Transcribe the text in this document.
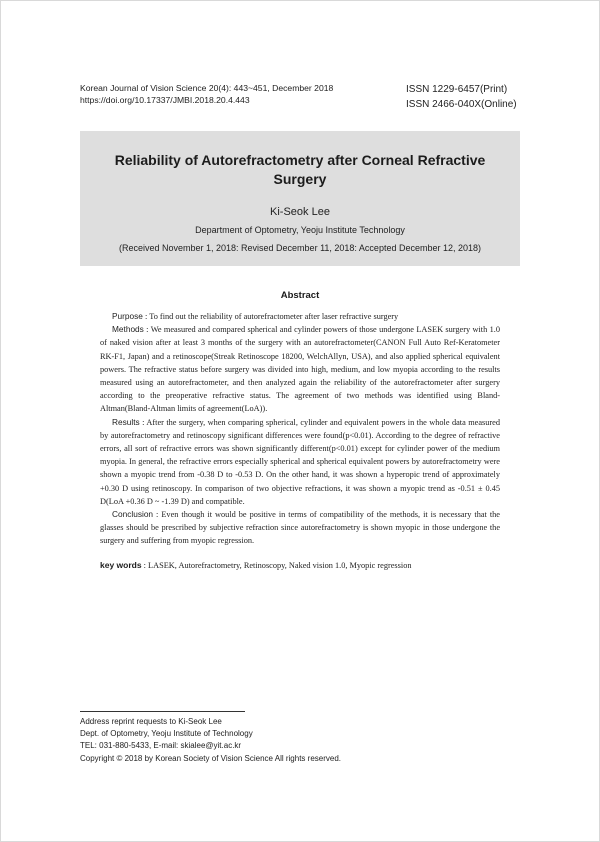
Korean Journal of Vision Science 20(4): 443~451, December 2018
https://doi.org/10.17337/JMBI.2018.20.4.443
ISSN 1229-6457(Print)
ISSN 2466-040X(Online)
Reliability of Autorefractometry after Corneal Refractive
Surgery
Ki-Seok Lee
Department of Optometry, Yeoju Institute Technology
(Received November 1, 2018: Revised December 11, 2018: Accepted December 12, 2018)
Abstract

Purpose : To find out the reliability of autorefractometer after laser refractive surgery

Methods : We measured and compared spherical and cylinder powers of those undergone LASEK surgery with 1.0 of naked vision after at least 3 months of the surgery with an autorefractometer(CANON Full Auto Ref-Keratometer RK-F1, Japan) and a retinoscope(Streak Retinoscope 18200, WelchAllyn, USA), and also applied spherical equivalent powers. The refractive status before surgery was divided into high, medium, and low myopia according to the results measured using an autorefractometer, and then analyzed again the reliability of the autorefractometer after surgery according to the preoperative refractive status. The agreement of two methods was identified using Bland-Altman(Bland-Altman limits of agreement(LoA)).

Results : After the surgery, when comparing spherical, cylinder and equivalent powers in the whole data measured by autorefractometry and retinoscopy significant differences were found(p<0.01). According to the degree of refractive errors, all sort of refractive errors was shown significantly different(p<0.01) except for cylinder power of the medium myopia. In general, the refractive errors especially spherical and spherical equivalent powers by autorefractometry were shown a myopic trend from -0.38 D to -0.53 D. On the other hand, it was shown a hyperopic trend of approximately +0.30 D using retinoscopy. In comparison of two objective refractions, it was shown a myopic trend as -0.51 ± 0.45 D(LoA +0.36 D ~ -1.39 D) and compatible.

Conclusion : Even though it would be positive in terms of compatibility of the methods, it is necessary that the glasses should be prescribed by subjective refraction since autorefractometry is shown myopic in those undergone the surgery and suffering from myopic regression.

key words : LASEK, Autorefractometry, Retinoscopy, Naked vision 1.0, Myopic regression
Address reprint requests to Ki-Seok Lee
Dept. of Optometry, Yeoju Institute of Technology
TEL: 031-880-5433, E-mail: skialee@yit.ac.kr
Copyright © 2018 by Korean Society of Vision Science All rights reserved.
